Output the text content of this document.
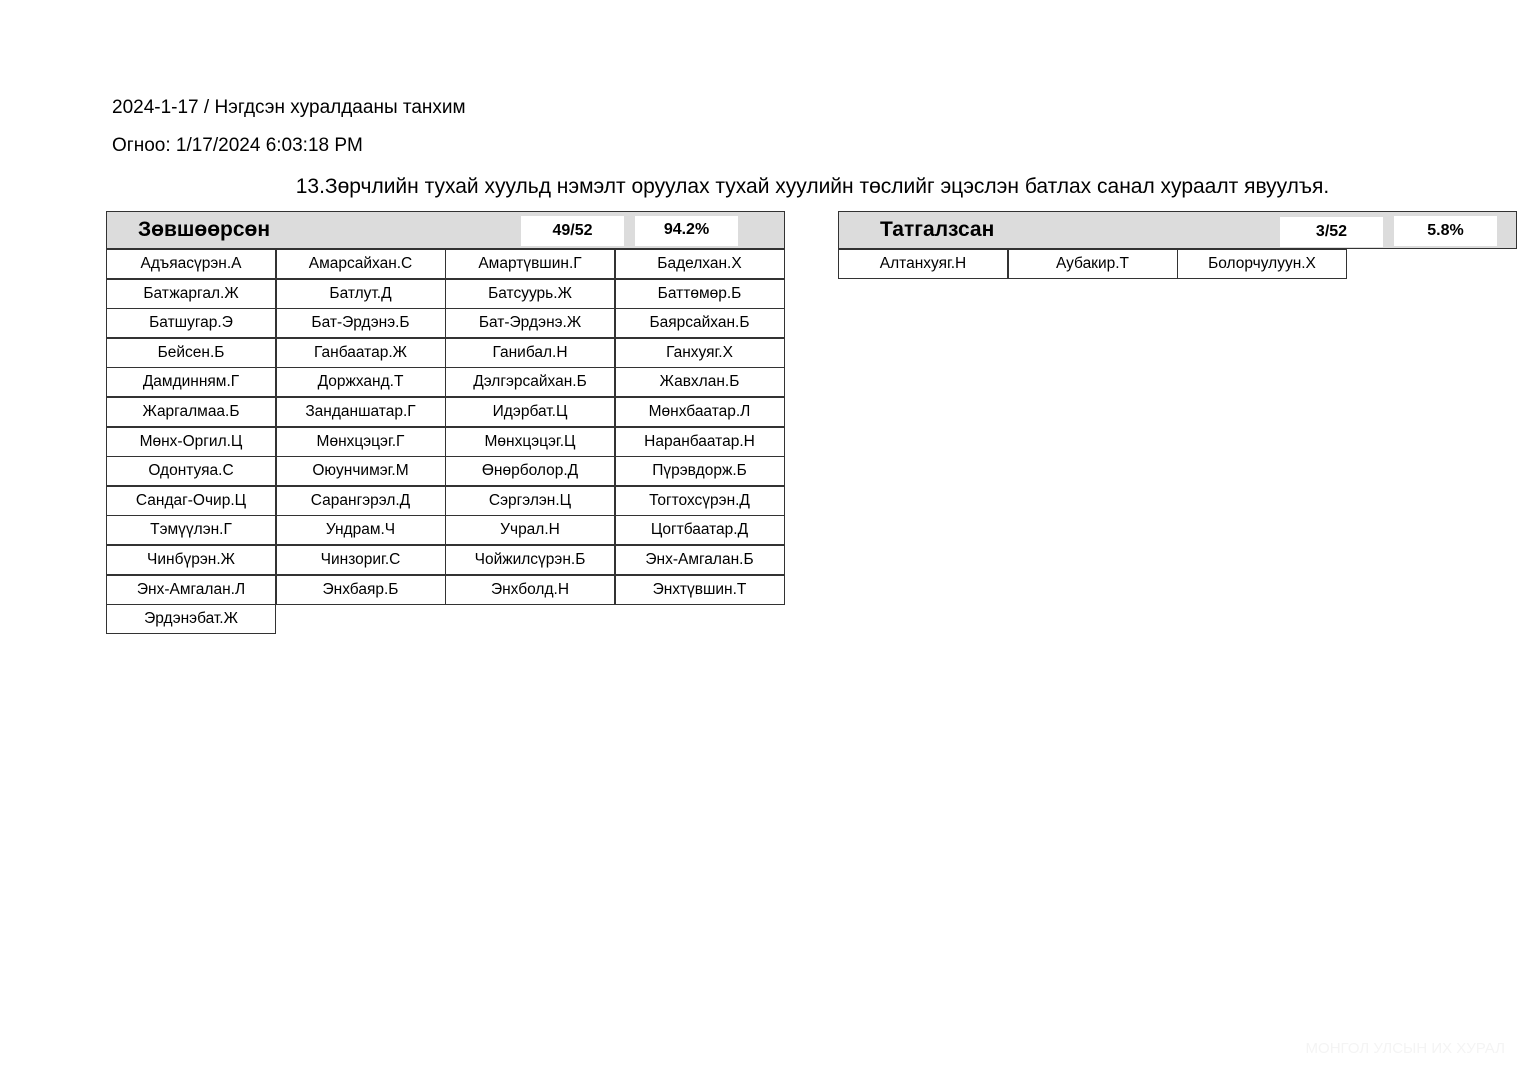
2024-1-17 / Нэгдсэн хуралдааны танхим
Огноо: 1/17/2024 6:03:18 PM
13.Зөрчлийн тухай хуульд нэмэлт оруулах тухай хуулийн төслийг эцэслэн батлах санал хураалт явуулъя.
Зөвшөөрсөн	49/52	94.2%
Адъяасүрэн.А	Амарсайхан.С	Амартүвшин.Г	Баделхан.Х
Батжаргал.Ж	Батлут.Д	Батсуурь.Ж	Баттөмөр.Б
Батшугар.Э	Бат-Эрдэнэ.Б	Бат-Эрдэнэ.Ж	Баярсайхан.Б
Бейсен.Б	Ганбаатар.Ж	Ганибал.Н	Ганхуяг.Х
Дамдинням.Г	Доржханд.Т	Дэлгэрсайхан.Б	Жавхлан.Б
Жаргалмаа.Б	Занданшатар.Г	Идэрбат.Ц	Мөнхбаатар.Л
Мөнх-Оргил.Ц	Мөнхцэцэг.Г	Мөнхцэцэг.Ц	Наранбаатар.Н
Одонтуяа.С	Оюунчимэг.М	Өнөрболор.Д	Пүрэвдорж.Б
Сандаг-Очир.Ц	Сарангэрэл.Д	Сэргэлэн.Ц	Тогтохсүрэн.Д
Тэмүүлэн.Г	Ундрам.Ч	Учрал.Н	Цогтбаатар.Д
Чинбүрэн.Ж	Чинзориг.С	Чойжилсүрэн.Б	Энх-Амгалан.Б
Энх-Амгалан.Л	Энхбаяр.Б	Энхболд.Н	Энхтүвшин.Т
Эрдэнэбат.Ж
Татгалзсан	3/52	5.8%
Алтанхуяг.Н	Аубакир.Т	Болорчулуун.Х
МОНГОЛ УЛСЫН ИХ ХУРАЛ
